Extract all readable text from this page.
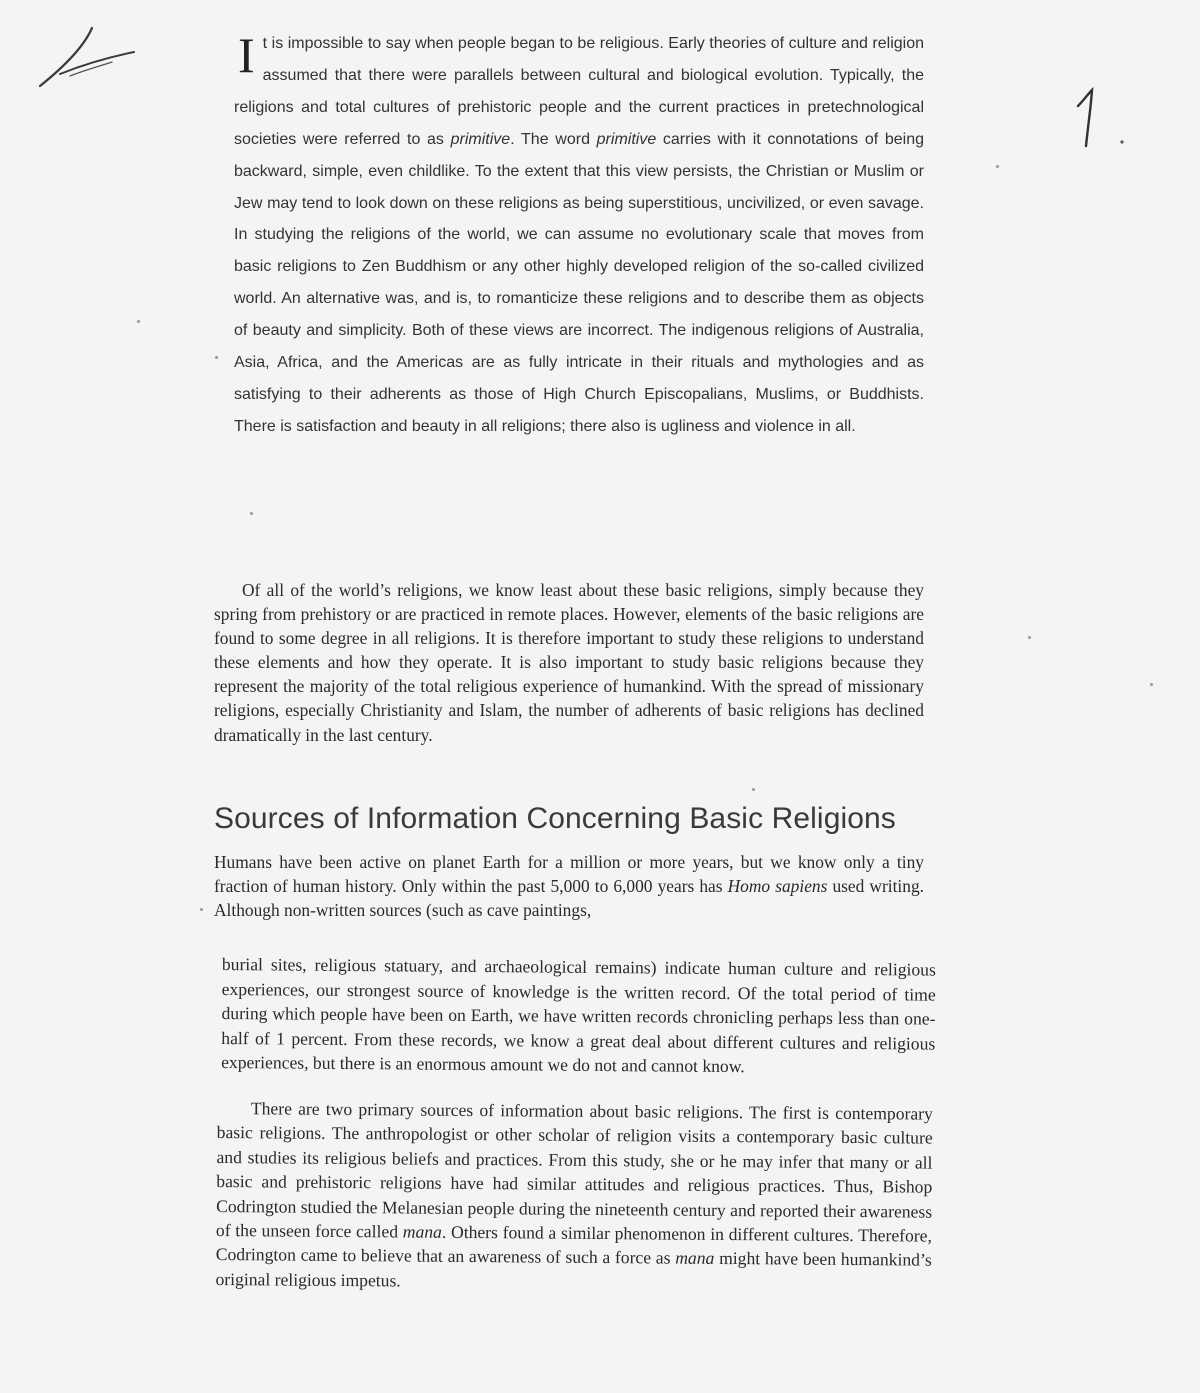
It is impossible to say when people began to be religious. Early theories of culture and religion assumed that there were parallels between cultural and biological evolution. Typically, the religions and total cultures of prehistoric people and the current practices in pretechnological societies were referred to as primitive. The word primitive carries with it connotations of being backward, simple, even childlike. To the extent that this view persists, the Christian or Muslim or Jew may tend to look down on these religions as being superstitious, uncivilized, or even savage. In studying the religions of the world, we can assume no evolutionary scale that moves from basic religions to Zen Buddhism or any other highly developed religion of the so-called civilized world. An alternative was, and is, to romanticize these religions and to describe them as objects of beauty and simplicity. Both of these views are incorrect. The indigenous religions of Australia, Asia, Africa, and the Americas are as fully intricate in their rituals and mythologies and as satisfying to their adherents as those of High Church Episcopalians, Muslims, or Buddhists. There is satisfaction and beauty in all religions; there also is ugliness and violence in all.

Of all of the world’s religions, we know least about these basic religions, simply because they spring from prehistory or are practiced in remote places. However, elements of the basic religions are found to some degree in all religions. It is therefore important to study these religions to understand these elements and how they operate. It is also important to study basic religions because they represent the majority of the total religious experience of humankind. With the spread of missionary religions, especially Christianity and Islam, the number of adherents of basic religions has declined dramatically in the last century.

Sources of Information Concerning Basic Religions

Humans have been active on planet Earth for a million or more years, but we know only a tiny fraction of human history. Only within the past 5,000 to 6,000 years has Homo sapiens used writing. Although non-written sources (such as cave paintings,

burial sites, religious statuary, and archaeological remains) indicate human culture and religious experiences, our strongest source of knowledge is the written record. Of the total period of time during which people have been on Earth, we have written records chronicling perhaps less than one-half of 1 percent. From these records, we know a great deal about different cultures and religious experiences, but there is an enormous amount we do not and cannot know.

There are two primary sources of information about basic religions. The first is contemporary basic religions. The anthropologist or other scholar of religion visits a contemporary basic culture and studies its religious beliefs and practices. From this study, she or he may infer that many or all basic and prehistoric religions have had similar attitudes and religious practices. Thus, Bishop Codrington studied the Melanesian people during the nineteenth century and reported their awareness of the unseen force called mana. Others found a similar phenomenon in different cultures. Therefore, Codrington came to believe that an awareness of such a force as mana might have been humankind’s original religious impetus.
